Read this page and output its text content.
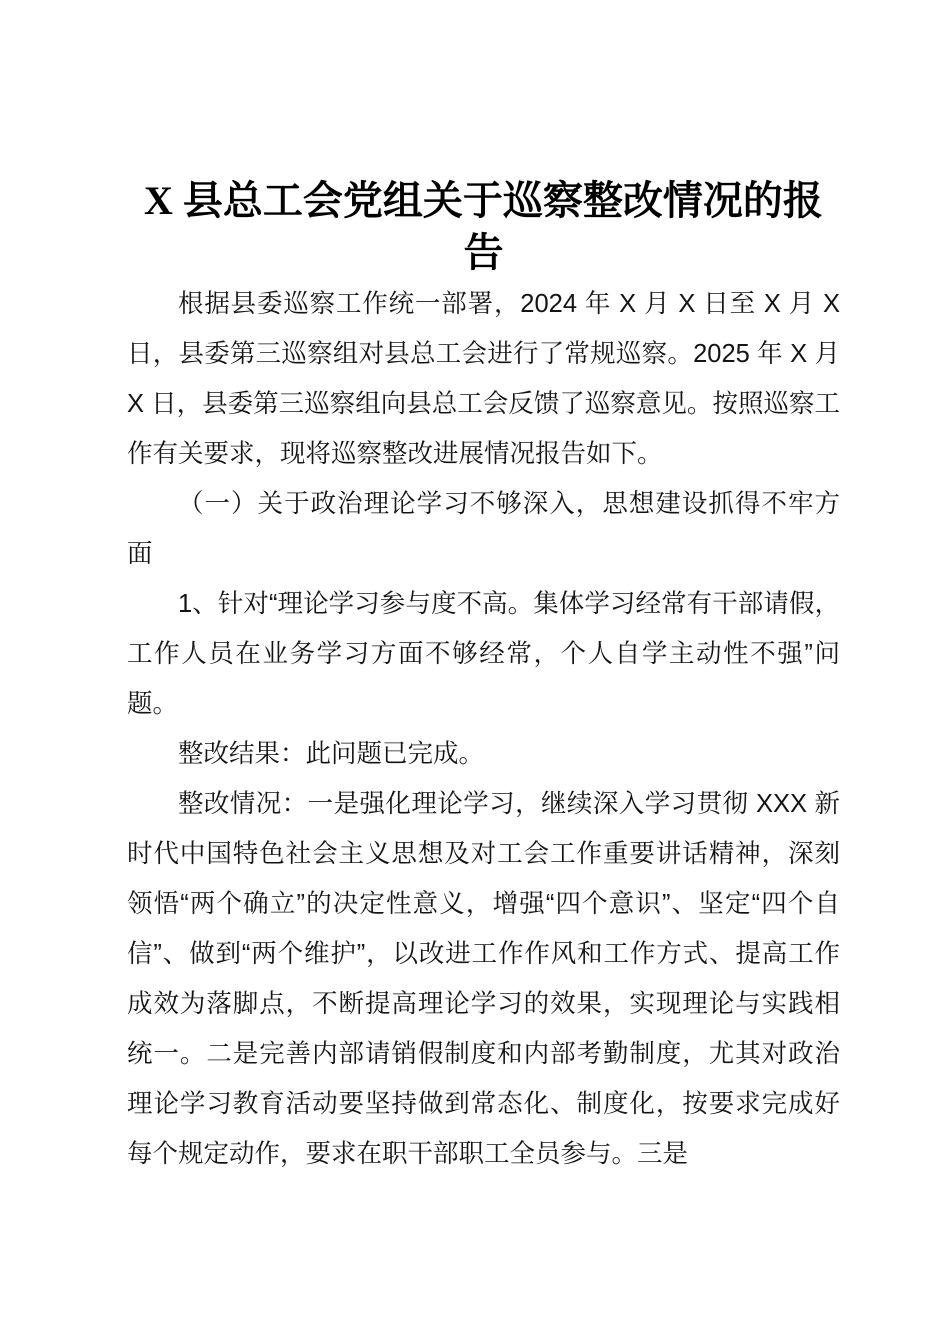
X 县总工会党组关于巡察整改情况的报告

根据县委巡察工作统一部署，2024 年 X 月 X 日至 X 月 X 日，县委第三巡察组对县总工会进行了常规巡察。2025 年 X 月 X 日，县委第三巡察组向县总工会反馈了巡察意见。按照巡察工作有关要求，现将巡察整改进展情况报告如下。

（一）关于政治理论学习不够深入，思想建设抓得不牢方面

1、针对“理论学习参与度不高。集体学习经常有干部请假，工作人员在业务学习方面不够经常，个人自学主动性不强”问题。

整改结果：此问题已完成。

整改情况：一是强化理论学习，继续深入学习贯彻 XXX 新时代中国特色社会主义思想及对工会工作重要讲话精神，深刻领悟“两个确立”的决定性意义，增强“四个意识”、坚定“四个自信”、做到“两个维护”，以改进工作作风和工作方式、提高工作成效为落脚点，不断提高理论学习的效果，实现理论与实践相统一。二是完善内部请销假制度和内部考勤制度，尤其对政治理论学习教育活动要坚持做到常态化、制度化，按要求完成好每个规定动作，要求在职干部职工全员参与。三是
